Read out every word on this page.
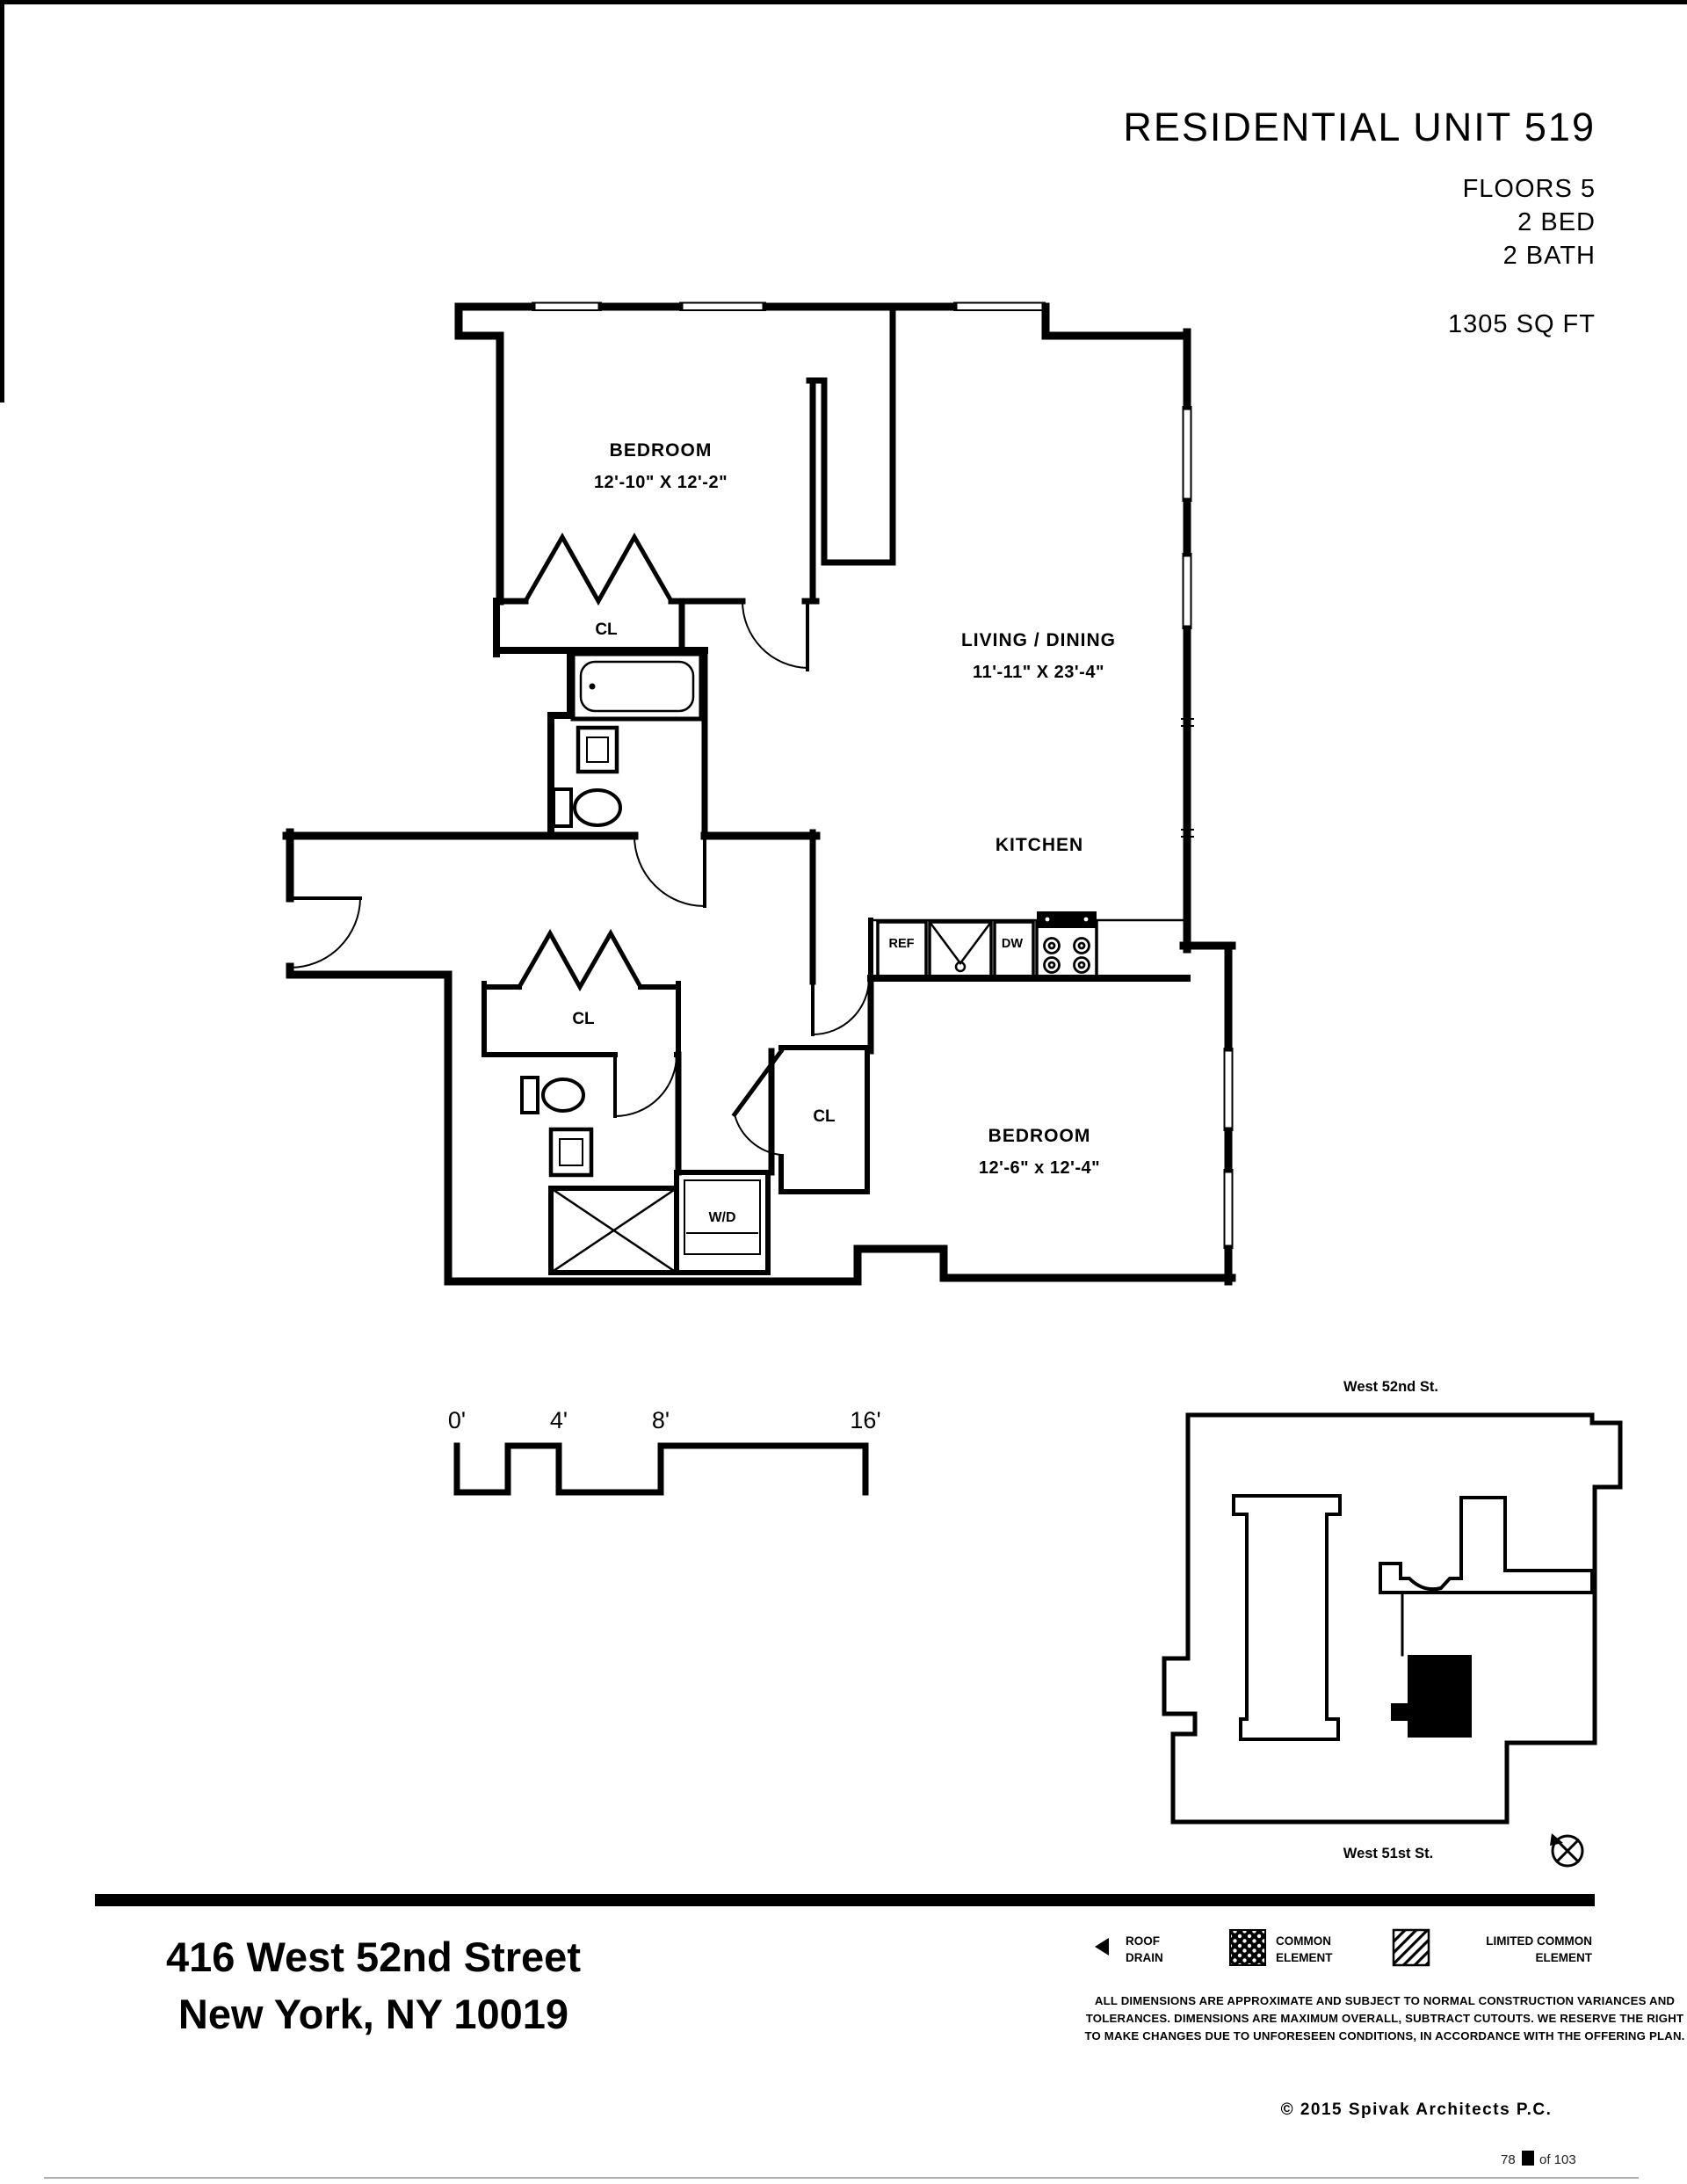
RESIDENTIAL UNIT 519
FLOORS 5
2 BED
2 BATH
1305 SQ FT
BEDROOM
12'-10" X 12'-2"
LIVING / DINING
11'-11" X 23'-4"
KITCHEN
BEDROOM
12'-6" x 12'-4"
CL
CL
CL
W/D
REF	DW
0'	4'	8'	16'
West 52nd St.
West 51st St.
416 West 52nd Street
New York, NY 10019
ROOF
DRAIN
COMMON
ELEMENT
LIMITED COMMON
ELEMENT
ALL DIMENSIONS ARE APPROXIMATE AND SUBJECT TO NORMAL CONSTRUCTION VARIANCES AND
TOLERANCES. DIMENSIONS ARE MAXIMUM OVERALL, SUBTRACT CUTOUTS. WE RESERVE THE RIGHT
TO MAKE CHANGES DUE TO UNFORESEEN CONDITIONS, IN ACCORDANCE WITH THE OFFERING PLAN.
© 2015 Spivak Architects P.C.
78 of 103
